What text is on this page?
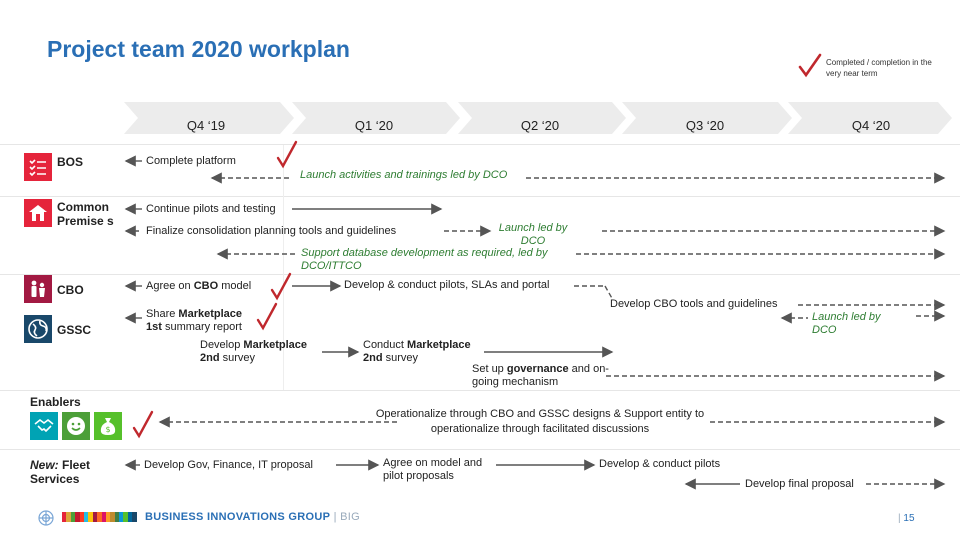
Project team 2020 workplan
Completed / completion in the very near term
Q4 ‘19	Q1 ‘20	Q2 ‘20	Q3 ‘20	Q4 ‘20
BOS
Common Premise s
CBO
GSSC
Enablers
New: Fleet Services
$
Complete platform
Launch activities and trainings led by DCO
Continue pilots and testing
Finalize consolidation planning tools and guidelines	Launch led by DCO
Support database development as required, led by DCO/ITTCO
Agree on CBO model	Develop & conduct pilots, SLAs and portal
Develop CBO tools and guidelines
Launch led by DCO
Share Marketplace
1st summary report
Develop Marketplace
2nd survey
Conduct Marketplace
2nd survey
Set up governance and on-going mechanism
Operationalize through CBO and GSSC designs & Support entity to operationalize through facilitated discussions
Develop Gov, Finance, IT proposal	Agree on model and pilot proposals
Develop & conduct pilots
Develop final proposal
BUSINESS INNOVATIONS GROUP | BIG	| 15
